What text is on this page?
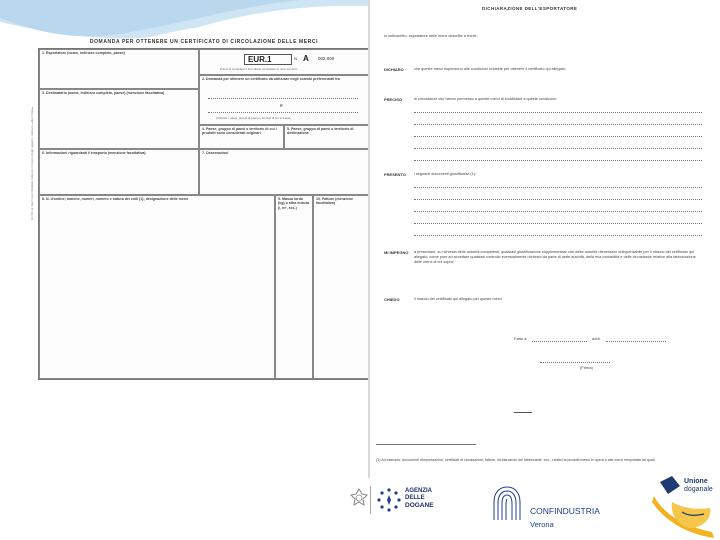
(1) Per le merci non imballate indicare il numero degli oggetti o indicare «alla rinfusa».
DOMANDA PER OTTENERE UN CERTIFICATO DI CIRCOLAZIONE DELLE MERCI
1. Esportatore (nome, indirizzo completo, paese)
EUR.1	N. A 002.000
Prima di compilare il formulario consultare le note sul retro
2. Domanda per ottenere un certificato da utilizzare negli scambi preferenziali tra
e
(Indicare i paesi, gruppi di paesi o territori di cui si tratta)
3. Destinatario (nome, indirizzo completo, paese) (menzione facoltativa)
4. Paese, gruppo di paesi o territorio di cui i prodotti sono considerati originari
5. Paese, gruppo di paesi o territorio di destinazione
6. Informazioni riguardanti il trasporto (menzione facoltativa)	7. Osservazioni
8. N. d'ordine; marche, numeri, numero e natura dei colli (1); designazione delle merci	9. Massa lorda (kg) o altra misura (l, m³, ecc.)
10. Fatture (menzione facoltativa)
DICHIARAZIONE DELL'ESPORTATORE
Io sottoscritto, esportatore delle merci descritte a fronte,
DICHIARO	che queste merci rispondono alle condizioni richieste per ottenere il certificato qui allegato;
PRECISO	le circostanze che hanno permesso a queste merci di soddisfare a queste condizioni:
PRESENTO i seguenti documenti giustificativi (1):
MI IMPEGNO a presentare, su richiesta delle autorità competenti, qualsiasi giustificazione supplementare che dette autorità ritenessero indispensabile per il rilascio del certificato qui allegato, come pure ad accettare qualsiasi controllo eventualmente richiesto da parte di dette autorità, della mia contabilità e delle circostanze relative alla fabbricazione delle merci di cui sopra;
CHIEDO	il rilascio del certificato qui allegato per queste merci.
Fatto a	addì
(Firma)
(1) Ad esempio: documenti d'importazione, certificati di circolazione, fatture, dichiarazioni del fabbricante, ecc., relativi ai prodotti messi in opera o alle merci riesportate tal quali.
AGENZIA
DELLE
DOGANE
CONFINDUSTRIA
Verona
Unione
doganale
